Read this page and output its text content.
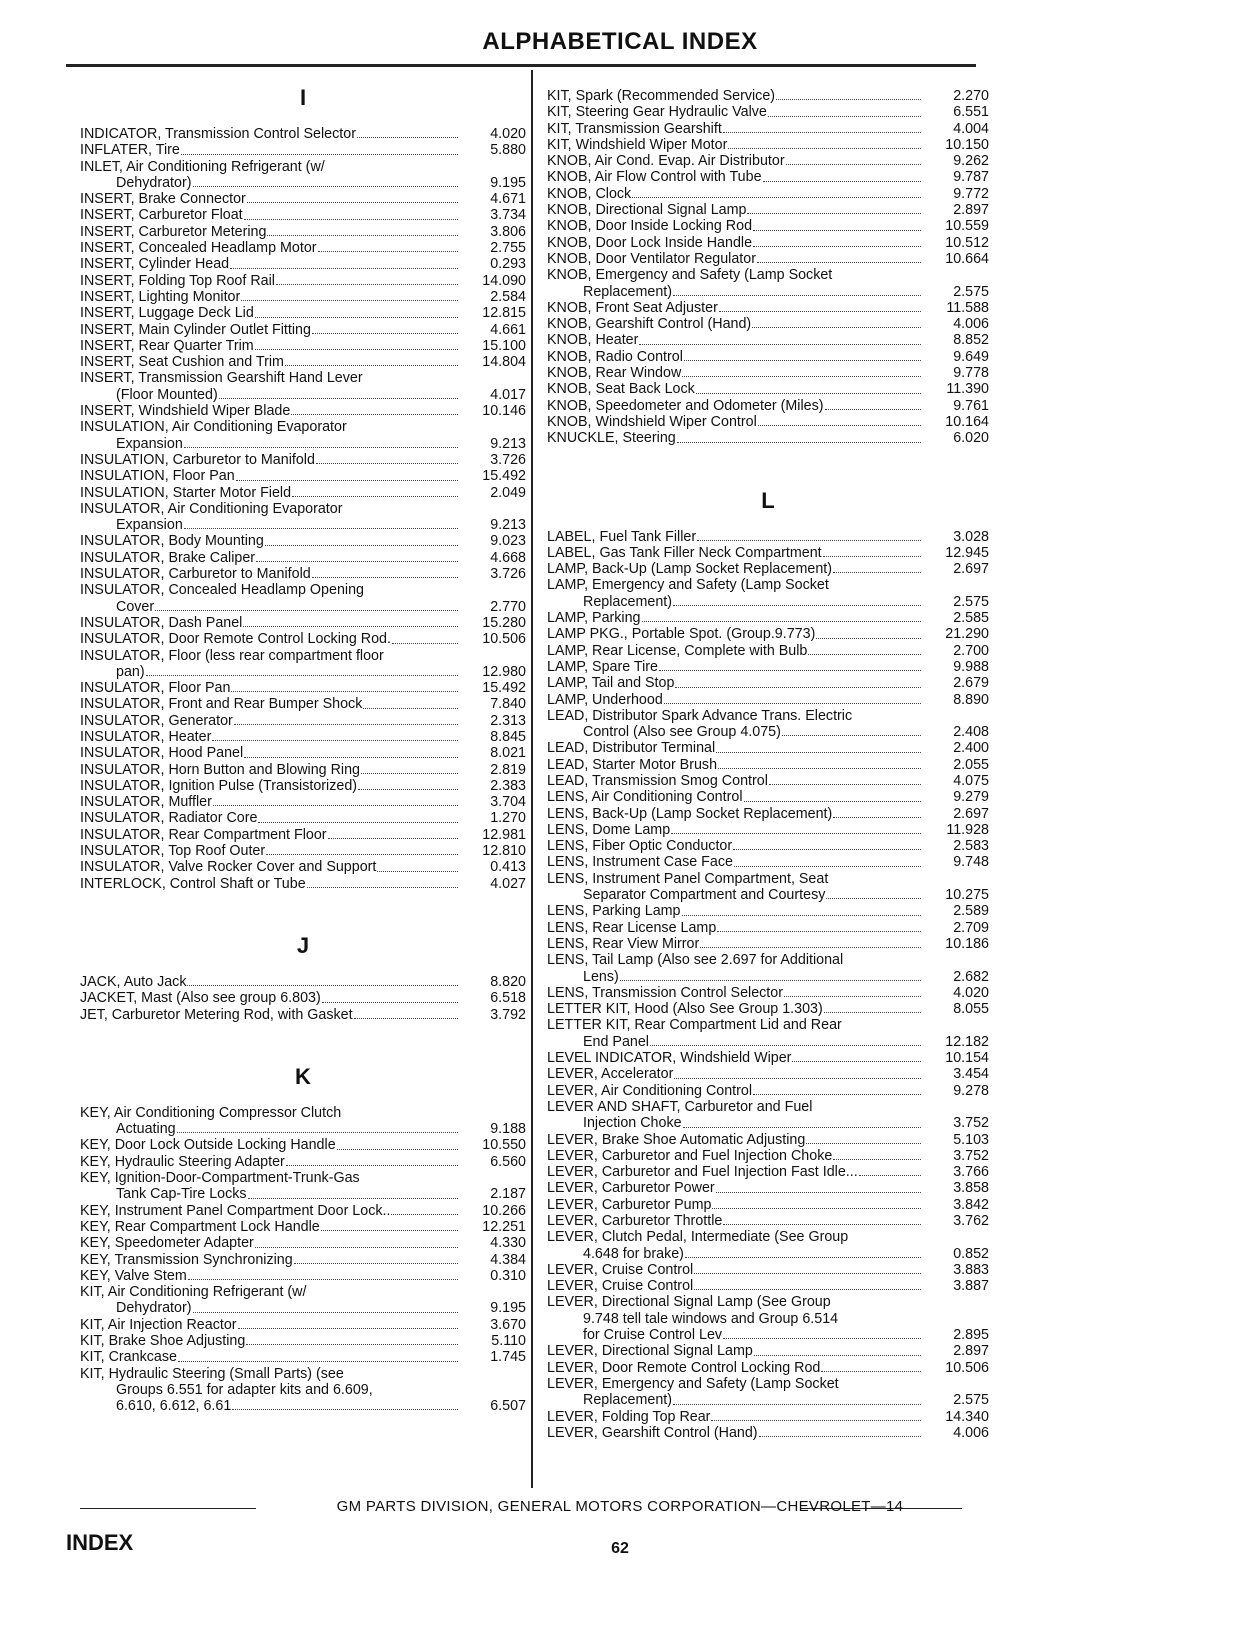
ALPHABETICAL INDEX
I
INDICATOR, Transmission Control Selector	4.020
INFLATER, Tire	5.880
INLET, Air Conditioning Refrigerant (w/
Dehydrator)	9.195
INSERT, Brake Connector	4.671
INSERT, Carburetor Float	3.734
INSERT, Carburetor Metering	3.806
INSERT, Concealed Headlamp Motor	2.755
INSERT, Cylinder Head	0.293
INSERT, Folding Top Roof Rail	14.090
INSERT, Lighting Monitor	2.584
INSERT, Luggage Deck Lid	12.815
INSERT, Main Cylinder Outlet Fitting	4.661
INSERT, Rear Quarter Trim	15.100
INSERT, Seat Cushion and Trim	14.804
INSERT, Transmission Gearshift Hand Lever
(Floor Mounted)	4.017
INSERT, Windshield Wiper Blade	10.146
INSULATION, Air Conditioning Evaporator
Expansion	9.213
INSULATION, Carburetor to Manifold	3.726
INSULATION, Floor Pan	15.492
INSULATION, Starter Motor Field	2.049
INSULATOR, Air Conditioning Evaporator
Expansion	9.213
INSULATOR, Body Mounting	9.023
INSULATOR, Brake Caliper	4.668
INSULATOR, Carburetor to Manifold	3.726
INSULATOR, Concealed Headlamp Opening
Cover	2.770
INSULATOR, Dash Panel	15.280
INSULATOR, Door Remote Control Locking Rod.	10.506
INSULATOR, Floor (less rear compartment floor
pan)	12.980
INSULATOR, Floor Pan	15.492
INSULATOR, Front and Rear Bumper Shock	7.840
INSULATOR, Generator	2.313
INSULATOR, Heater	8.845
INSULATOR, Hood Panel	8.021
INSULATOR, Horn Button and Blowing Ring	2.819
INSULATOR, Ignition Pulse (Transistorized)	2.383
INSULATOR, Muffler	3.704
INSULATOR, Radiator Core	1.270
INSULATOR, Rear Compartment Floor	12.981
INSULATOR, Top Roof Outer	12.810
INSULATOR, Valve Rocker Cover and Support	0.413
INTERLOCK, Control Shaft or Tube	4.027
J
JACK, Auto Jack	8.820
JACKET, Mast (Also see group 6.803)	6.518
JET, Carburetor Metering Rod, with Gasket	3.792
K
KEY, Air Conditioning Compressor Clutch
Actuating	9.188
KEY, Door Lock Outside Locking Handle	10.550
KEY, Hydraulic Steering Adapter	6.560
KEY, Ignition-Door-Compartment-Trunk-Gas
Tank Cap-Tire Locks	2.187
KEY, Instrument Panel Compartment Door Lock..	10.266
KEY, Rear Compartment Lock Handle	12.251
KEY, Speedometer Adapter	4.330
KEY, Transmission Synchronizing	4.384
KEY, Valve Stem	0.310
KIT, Air Conditioning Refrigerant (w/
Dehydrator)	9.195
KIT, Air Injection Reactor	3.670
KIT, Brake Shoe Adjusting	5.110
KIT, Crankcase	1.745
KIT, Hydraulic Steering (Small Parts) (see
Groups 6.551 for adapter kits and 6.609,
6.610, 6.612, 6.61	6.507
KIT, Spark (Recommended Service)	2.270
KIT, Steering Gear Hydraulic Valve	6.551
KIT, Transmission Gearshift	4.004
KIT, Windshield Wiper Motor	10.150
KNOB, Air Cond. Evap. Air Distributor	9.262
KNOB, Air Flow Control with Tube	9.787
KNOB, Clock	9.772
KNOB, Directional Signal Lamp	2.897
KNOB, Door Inside Locking Rod	10.559
KNOB, Door Lock Inside Handle	10.512
KNOB, Door Ventilator Regulator	10.664
KNOB, Emergency and Safety (Lamp Socket
Replacement)	2.575
KNOB, Front Seat Adjuster	11.588
KNOB, Gearshift Control (Hand)	4.006
KNOB, Heater	8.852
KNOB, Radio Control	9.649
KNOB, Rear Window	9.778
KNOB, Seat Back Lock	11.390
KNOB, Speedometer and Odometer (Miles)	9.761
KNOB, Windshield Wiper Control	10.164
KNUCKLE, Steering	6.020
L
LABEL, Fuel Tank Filler	3.028
LABEL, Gas Tank Filler Neck Compartment	12.945
LAMP, Back-Up (Lamp Socket Replacement)	2.697
LAMP, Emergency and Safety (Lamp Socket
Replacement)	2.575
LAMP, Parking	2.585
LAMP PKG., Portable Spot. (Group.9.773)	21.290
LAMP, Rear License, Complete with Bulb	2.700
LAMP, Spare Tire	9.988
LAMP, Tail and Stop	2.679
LAMP, Underhood	8.890
LEAD, Distributor Spark Advance Trans. Electric
Control (Also see Group 4.075)	2.408
LEAD, Distributor Terminal	2.400
LEAD, Starter Motor Brush	2.055
LEAD, Transmission Smog Control	4.075
LENS, Air Conditioning Control	9.279
LENS, Back-Up (Lamp Socket Replacement)	2.697
LENS, Dome Lamp	11.928
LENS, Fiber Optic Conductor	2.583
LENS, Instrument Case Face	9.748
LENS, Instrument Panel Compartment, Seat
Separator Compartment and Courtesy	10.275
LENS, Parking Lamp	2.589
LENS, Rear License Lamp	2.709
LENS, Rear View Mirror	10.186
LENS, Tail Lamp (Also see 2.697 for Additional
Lens)	2.682
LENS, Transmission Control Selector	4.020
LETTER KIT, Hood (Also See Group 1.303)	8.055
LETTER KIT, Rear Compartment Lid and Rear
End Panel	12.182
LEVEL INDICATOR, Windshield Wiper	10.154
LEVER, Accelerator	3.454
LEVER, Air Conditioning Control	9.278
LEVER AND SHAFT, Carburetor and Fuel
Injection Choke	3.752
LEVER, Brake Shoe Automatic Adjusting	5.103
LEVER, Carburetor and Fuel Injection Choke	3.752
LEVER, Carburetor and Fuel Injection Fast Idle...	3.766
LEVER, Carburetor Power	3.858
LEVER, Carburetor Pump	3.842
LEVER, Carburetor Throttle	3.762
LEVER, Clutch Pedal, Intermediate (See Group
4.648 for brake)	0.852
LEVER, Cruise Control	3.883
LEVER, Cruise Control	3.887
LEVER, Directional Signal Lamp (See Group
9.748 tell tale windows and Group 6.514
for Cruise Control Lev	2.895
LEVER, Directional Signal Lamp	2.897
LEVER, Door Remote Control Locking Rod	10.506
LEVER, Emergency and Safety (Lamp Socket
Replacement)	2.575
LEVER, Folding Top Rear	14.340
LEVER, Gearshift Control (Hand)	4.006
GM PARTS DIVISION, GENERAL MOTORS CORPORATION—CHEVROLET—14
INDEX	62
